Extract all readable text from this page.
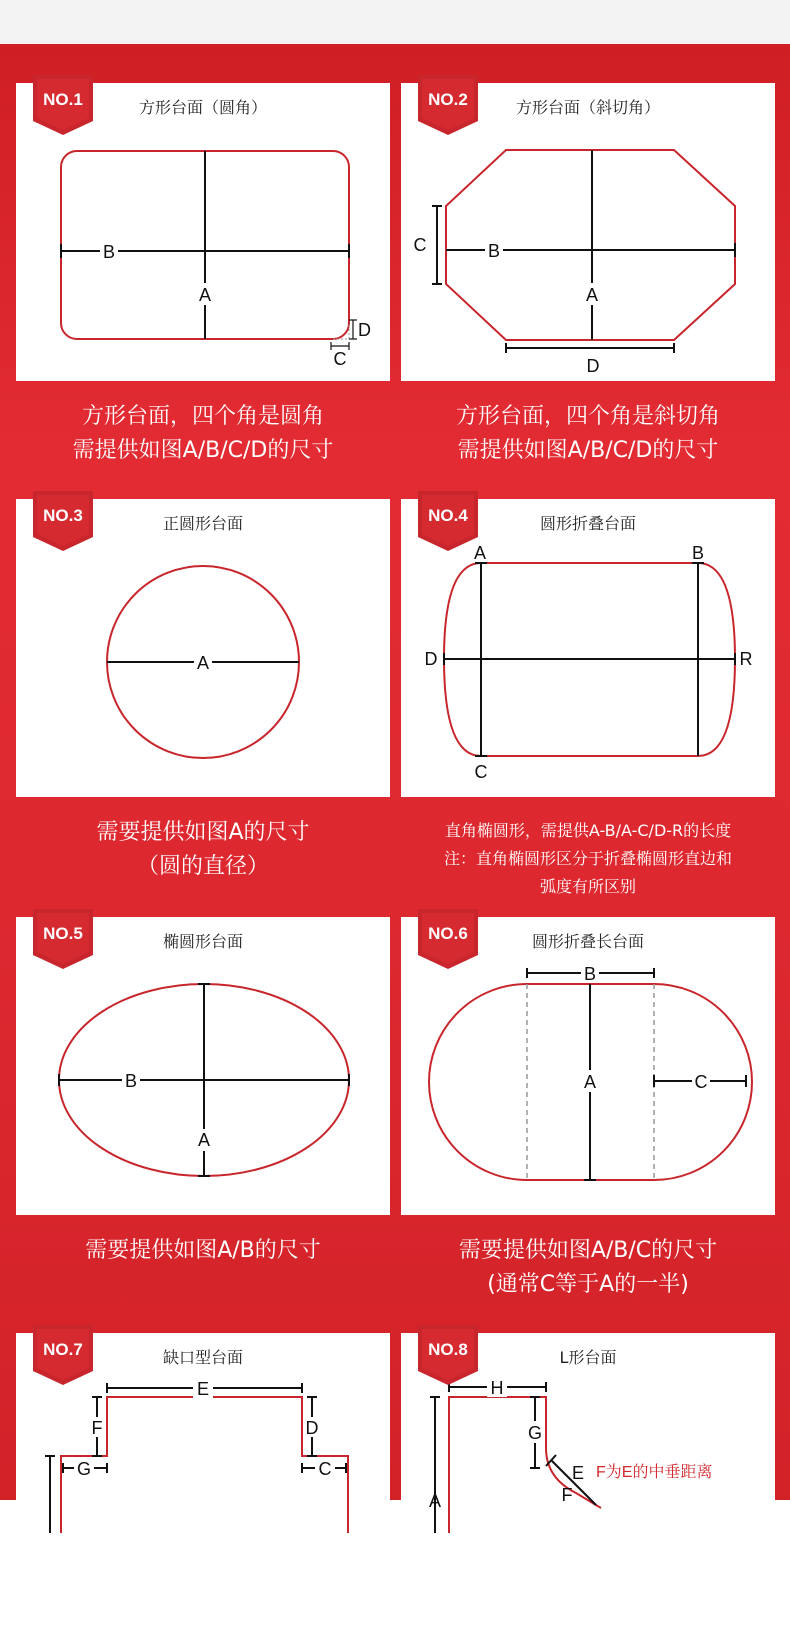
方形台面（圆角）
A
B
D
C
NO.1
方形台面，四个角是圆角
需提供如图A/B/C/D的尺寸
方形台面（斜切角）
A
B
C
D
NO.2
方形台面，四个角是斜切角
需提供如图A/B/C/D的尺寸
正圆形台面
A
NO.3
需要提供如图A的尺寸
（圆的直径）
圆形折叠台面
A	B
C
D	R
NO.4
直角椭圆形，需提供A-B/A-C/D-R的长度
注：直角椭圆形区分于折叠椭圆形直边和
弧度有所区别
椭圆形台面
B
A
NO.5
需要提供如图A/B的尺寸
圆形折叠长台面
A
B
C
NO.6
需要提供如图A/B/C的尺寸
(通常C等于A的一半)
缺口型台面
E
F	D
G	C
NO.7	L形台面
H
G
A
E
F
F为E的中垂距离
NO.8
